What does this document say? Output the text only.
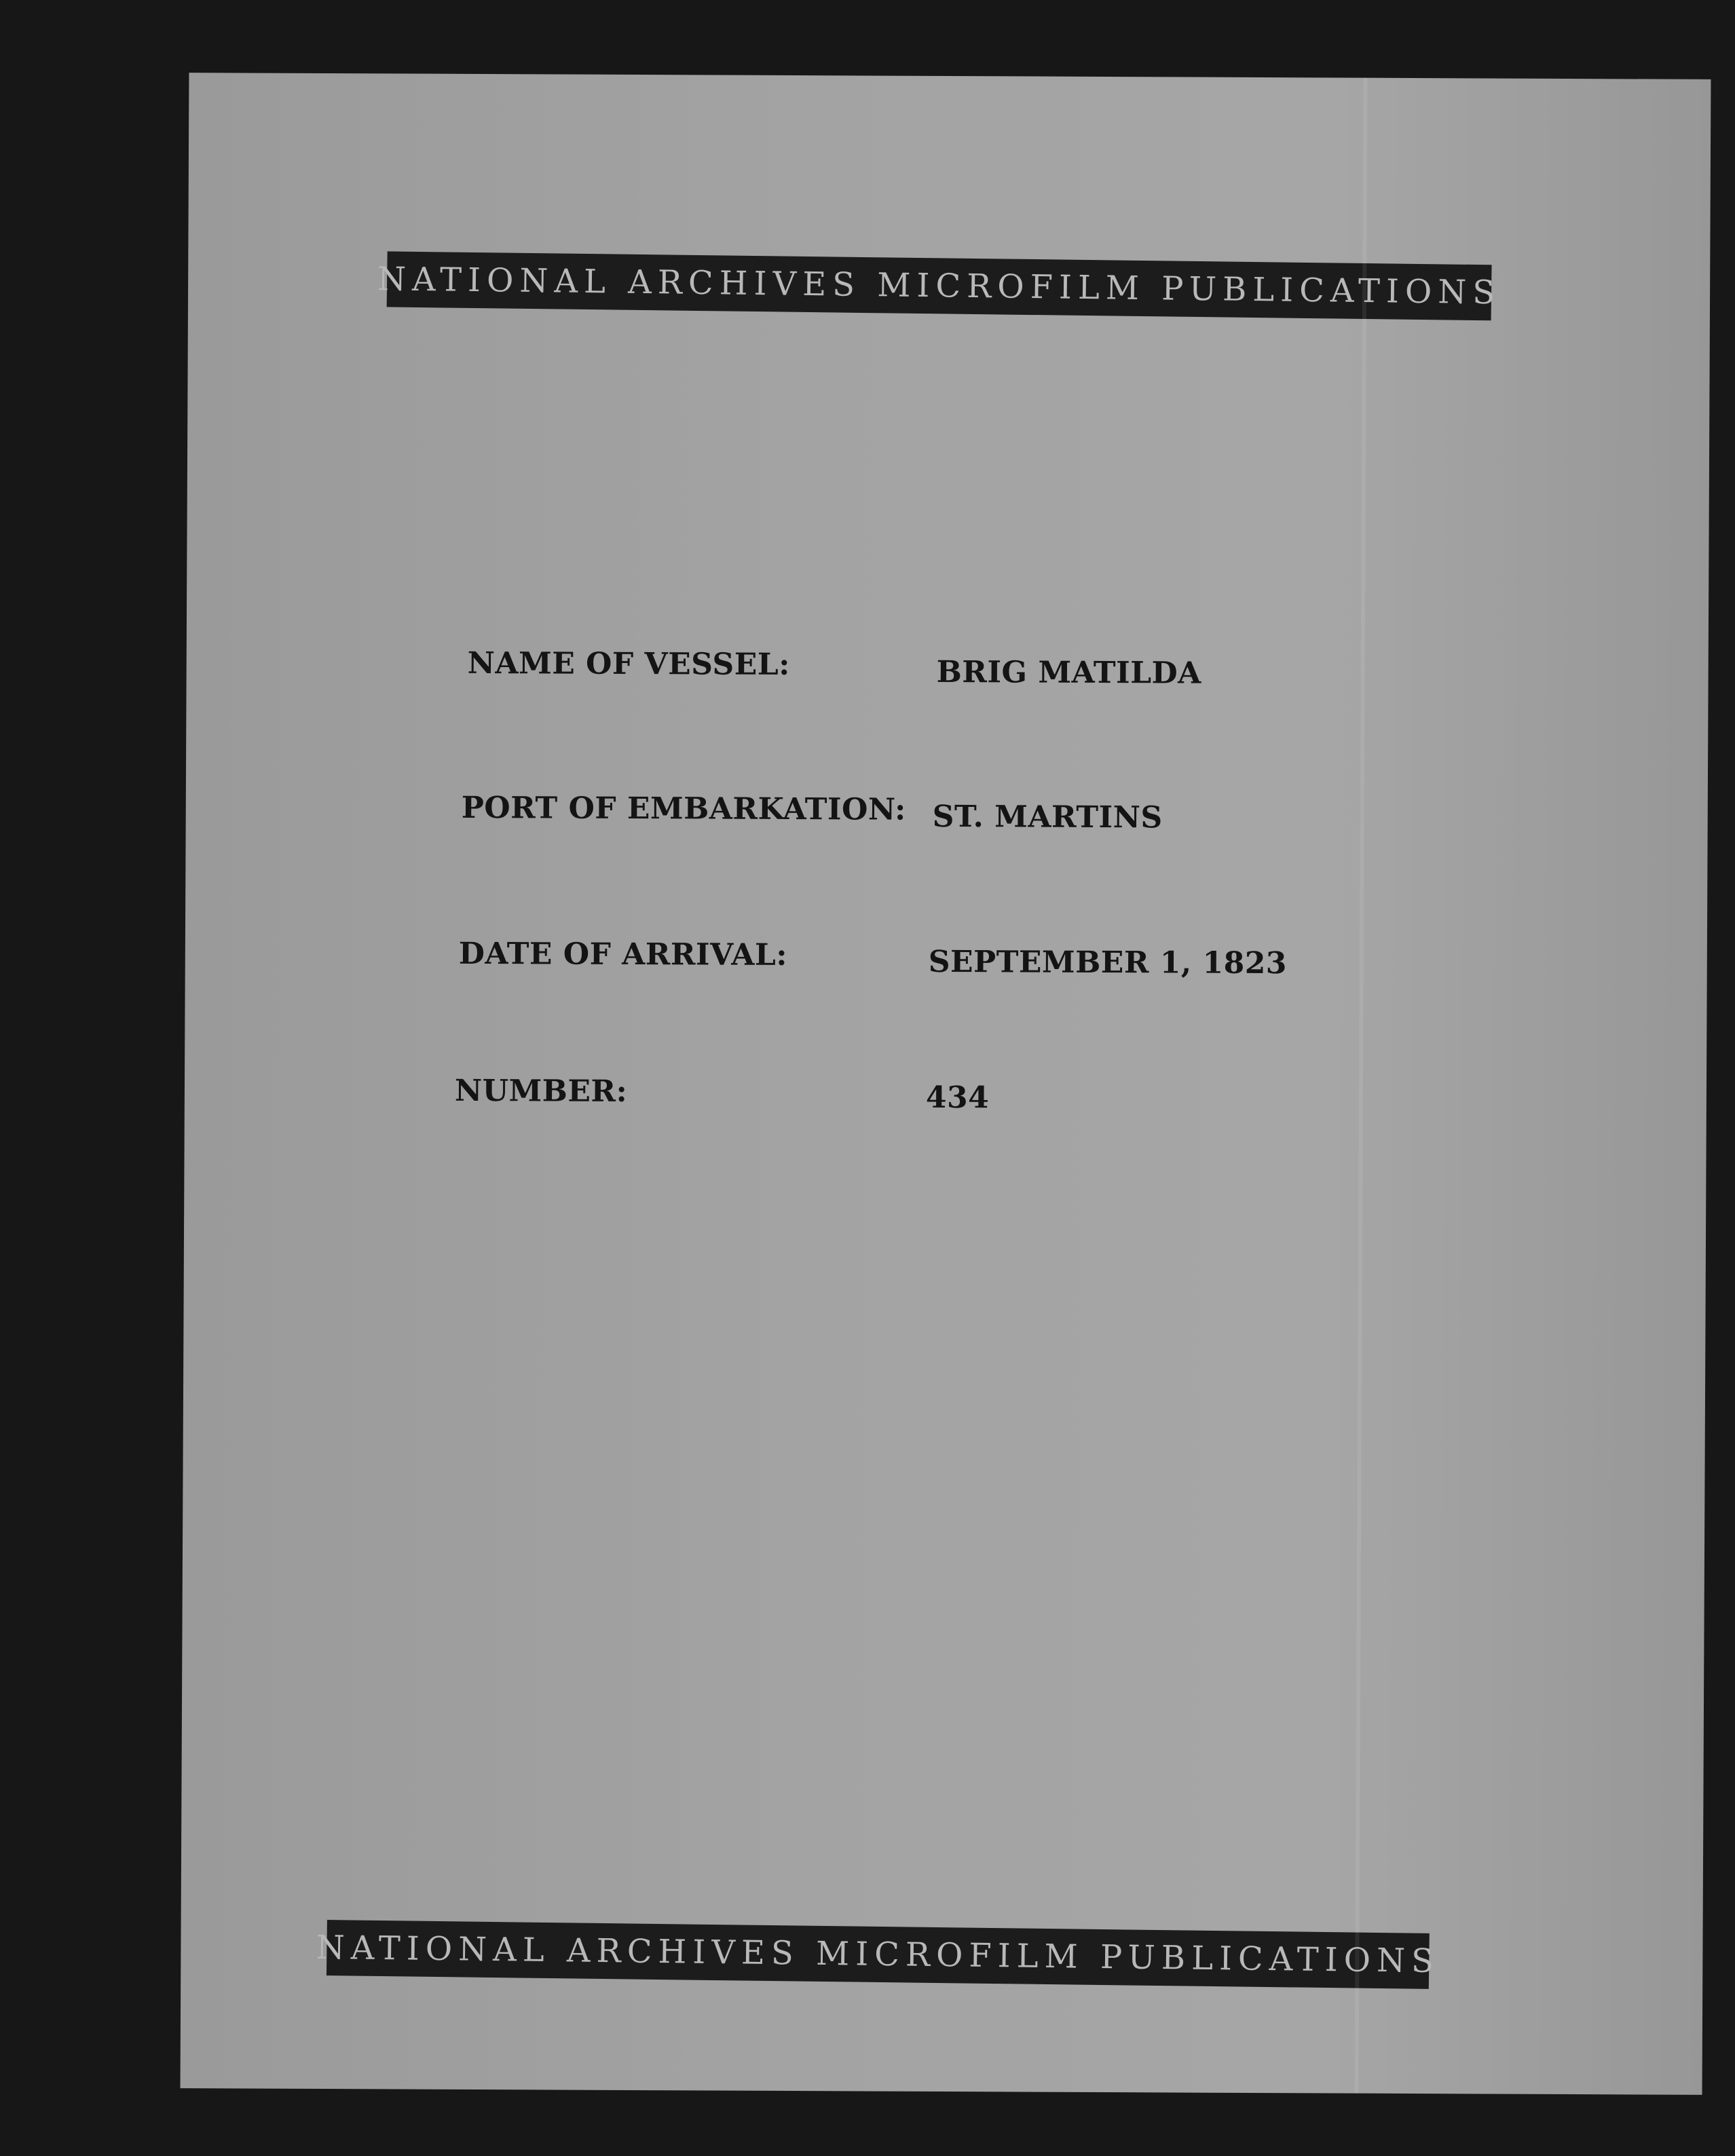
NATIONAL ARCHIVES MICROFILM PUBLICATIONS
NAME OF VESSEL:	BRIG MATILDA
PORT OF EMBARKATION: ST. MARTINS
DATE OF ARRIVAL:	SEPTEMBER 1, 1823
NUMBER:	434
NATIONAL ARCHIVES MICROFILM PUBLICATIONS
